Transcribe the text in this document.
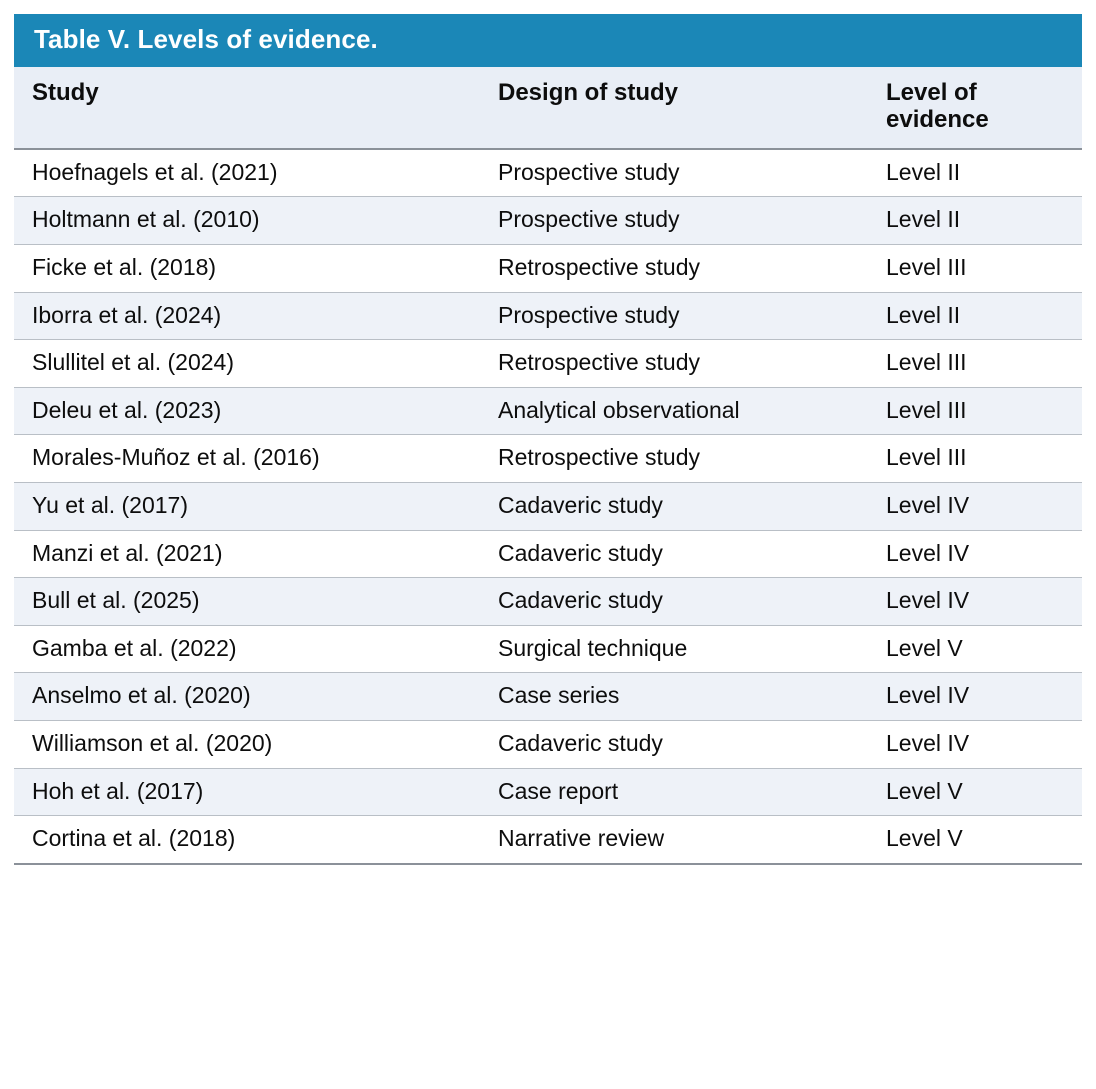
Table V. Levels of evidence.		
Study	Design of study	Level of
evidence
Hoefnagels et al. (2021)	Prospective study	Level II
Holtmann et al. (2010)	Prospective study	Level II
Ficke et al. (2018)	Retrospective study	Level III
Iborra et al. (2024)	Prospective study	Level II
Slullitel et al. (2024)	Retrospective study	Level III
Deleu et al. (2023)	Analytical observational	Level III
Morales-Muñoz et al. (2016)	Retrospective study	Level III
Yu et al. (2017)	Cadaveric study	Level IV
Manzi et al. (2021)	Cadaveric study	Level IV
Bull et al. (2025)	Cadaveric study	Level IV
Gamba et al. (2022)	Surgical technique	Level V
Anselmo et al. (2020)	Case series	Level IV
Williamson et al. (2020)	Cadaveric study	Level IV
Hoh et al. (2017)	Case report	Level V
Cortina et al. (2018)	Narrative review	Level V
